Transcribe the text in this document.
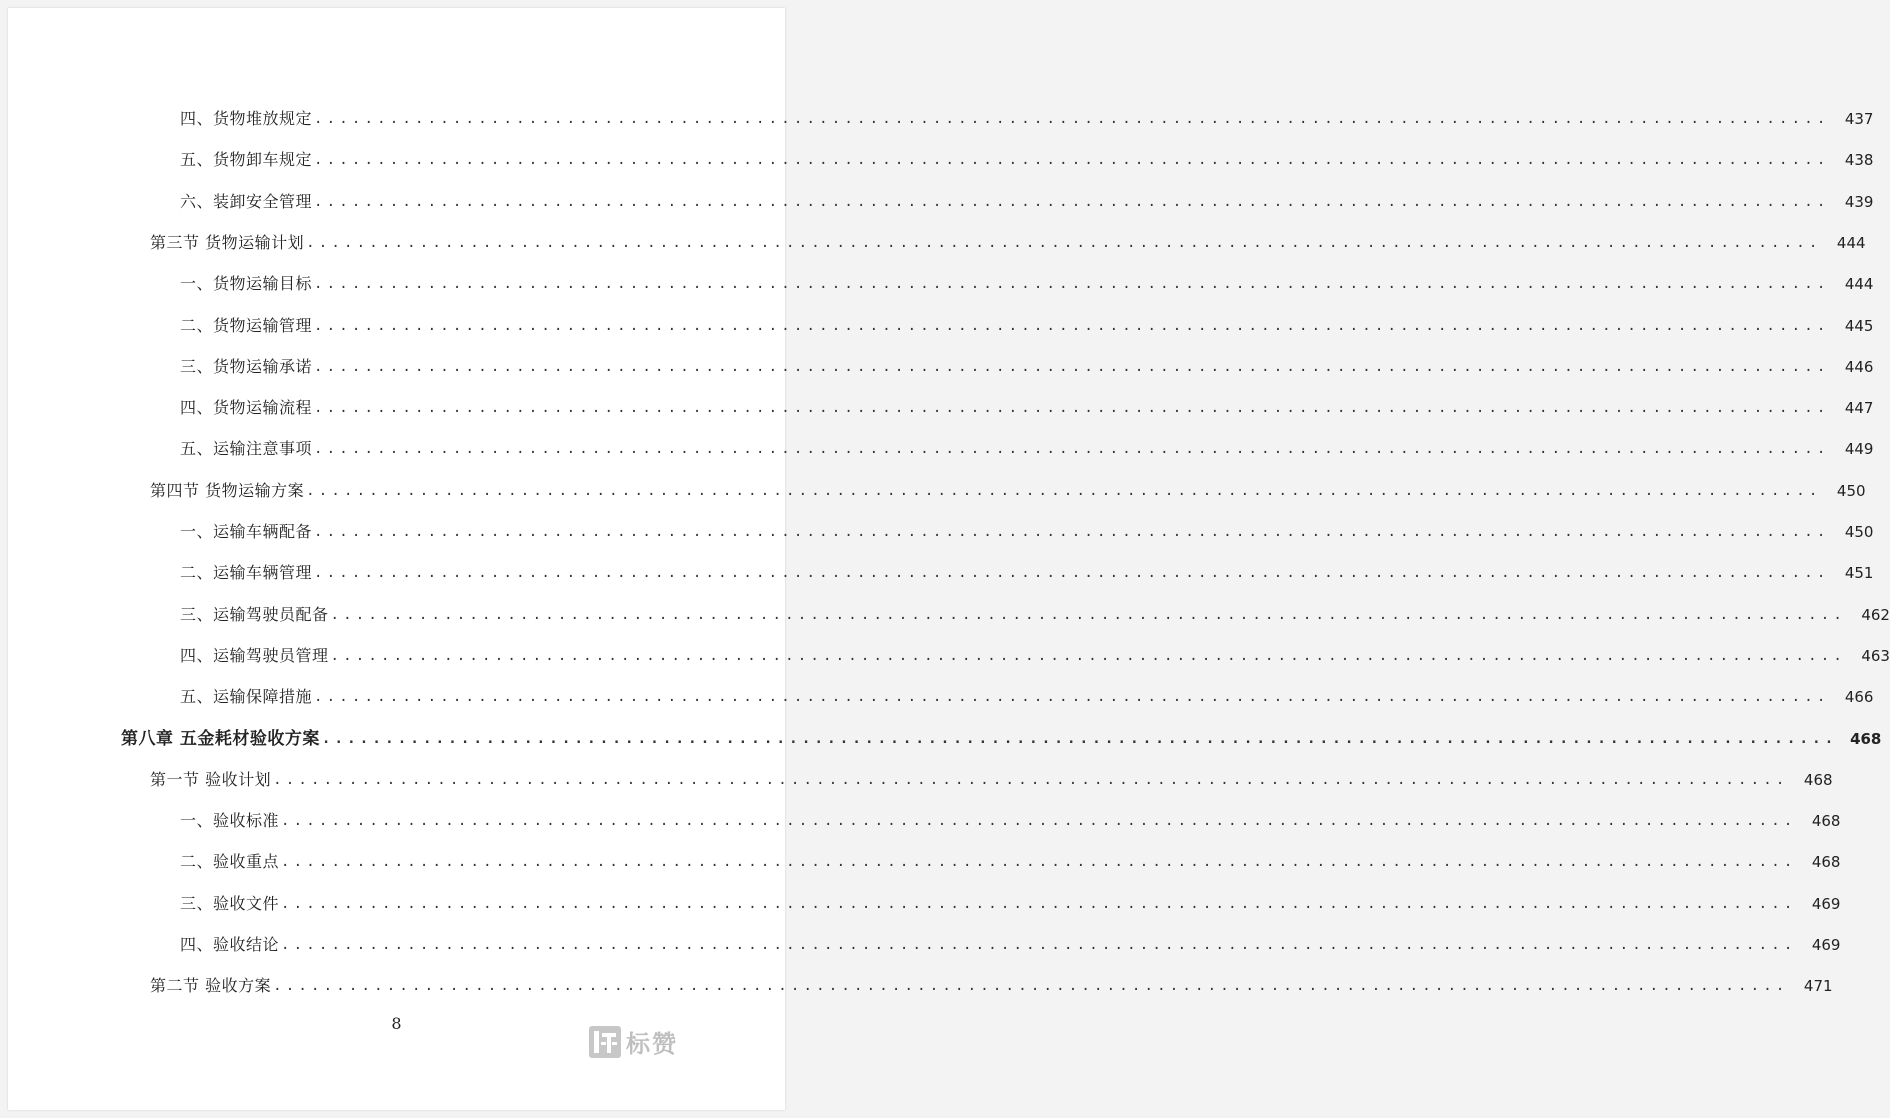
四、货物堆放规定 ........................................................................................................................	437
五、货物卸车规定 ........................................................................................................................	438
六、装卸安全管理 ........................................................................................................................	439
第三节 货物运输计划 ........................................................................................................................	444
一、货物运输目标 ........................................................................................................................	444
二、货物运输管理 ........................................................................................................................	445
三、货物运输承诺 ........................................................................................................................	446
四、货物运输流程 ........................................................................................................................	447
五、运输注意事项 ........................................................................................................................	449
第四节 货物运输方案 ........................................................................................................................	450
一、运输车辆配备 ........................................................................................................................	450
二、运输车辆管理 ........................................................................................................................	451
三、运输驾驶员配备 ........................................................................................................................	462
四、运输驾驶员管理 ........................................................................................................................	463
五、运输保障措施 ........................................................................................................................	466
第八章 五金耗材验收方案 ........................................................................................................................ 468
第一节 验收计划 ........................................................................................................................	468
一、验收标准 ........................................................................................................................	468
二、验收重点 ........................................................................................................................	468
三、验收文件 ........................................................................................................................	469
四、验收结论 ........................................................................................................................	469
第二节 验收方案 ........................................................................................................................	471
8
标赞
